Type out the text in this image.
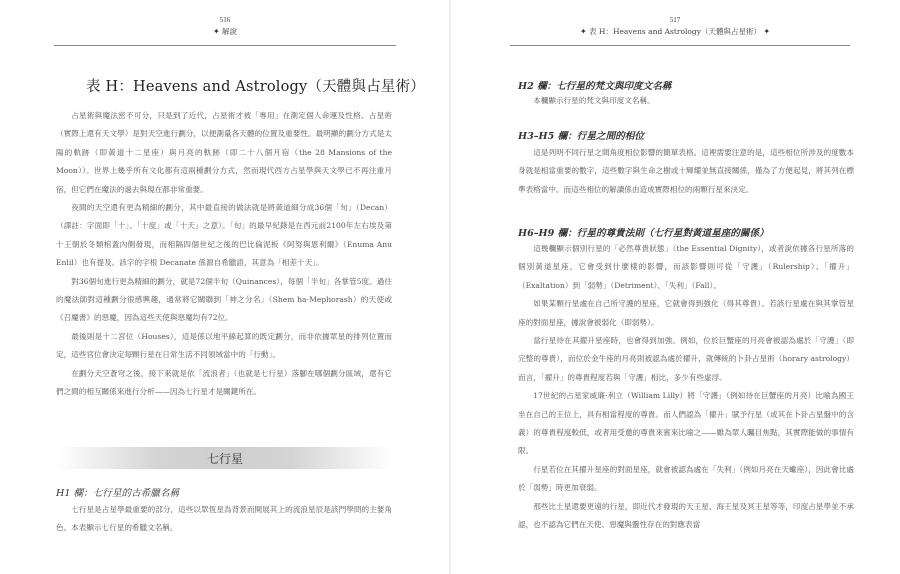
516
✦ 解說
表 H：Heavens and Astrology（天體與占星術）

占星術與魔法密不可分，只是到了近代，占星術才被「專用」在測定個人命運及性格。占星術（實際上還有天文學）是對天空進行劃分，以便測量各天體的位置及重要性。最明顯的劃分方式是太陽的軌跡（即黃道十二星座）與月亮的軌跡（即二十八個月宿（the 28 Mansions of the Moon））。世界上幾乎所有文化都有這兩種劃分方式，然而現代西方占星學與天文學已不再注重月宿，但它們在魔法的過去與現在都非常重要。

夜間的天空還有更為精細的劃分，其中最直接的做法就是將黃道細分成36個「旬」（Decan）（譯註：字面即「十」、「十度」或「十天」之意）。「旬」的最早紀錄是在西元前2100年左右埃及第十王朝於冬類棺蓋內側發現，而相隔四個世紀之後的巴比倫泥板《阿努與恩利爾》（Enuma Anu Enlil）也有提及。該字的字根 Decanate 係源自希臘語，其意為「相差十天」。

對36個旬進行更為精細的劃分，就是72個半旬（Quinances），每個「半旬」各掌管5度。過往的魔法師對這種劃分很感興趣，通常將它關聯到「神之分名」（Shem ha-Mephorash）的天使或《召魔書》的惡魔，因為這些天使與惡魔均有72位。

最後則是十二宮位（Houses），這是係以地平線起算的既定劃分，而非依據眾星的排列位置而定，這些宮位會決定每顆行星在日常生活不同領域當中的「行動」。

在劃分天空蒼穹之後，接下來就是依「流浪者」（也就是七行星）落腳在哪個劃分區域，還有它們之間的相互關係來進行分析——因為七行星才是關鍵所在。

七行星
H1 欄：七行星的古希臘名稱

七行星是占星學最重要的部分，這些以眾恆星為背景而開展其上的流浪星辰是該門學問的主要角色。本表顯示七行星的希臘文名稱。

517
✦ 表 H：Heavens and Astrology（天體與占星術） ✦
H2 欄：七行星的梵文與印度文名稱

本欄顯示行星的梵文與印度文名稱。

H3–H5 欄：行星之間的相位

這是列明不同行星之間角度相位影響的簡單表格。這裡需要注意的是，這些相位所涉及的度數本身就是相當重要的數字，這些數字與生命之樹或十輝耀並無直接關係，僅為了方便起見，將其列在標準表格當中。而這些相位的解讀係由造成實際相位的兩顆行星來決定。

H6–H9 欄：行星的尊貴法則（七行星對黃道星座的關係）

這幾欄顯示個別行星的「必然尊貴狀態」（the Essential Dignity），或者說依據各行星所落的個別黃道星座，它會受到什麼樣的影響，而該影響則可從「守護」（Rulership）、「擢升」（Exaltation）到「弱勢」（Detriment）、「失利」（Fall）。

如果某顆行星處在自己所守護的星座，它就會得到強化（得其尊貴）。若該行星處在與其掌管星座的對面星座，據說會被弱化（即弱勢）。

當行星待在其擢升星座時，也會得到加強。例如，位於巨蟹座的月亮會被認為處於「守護」（即完整的尊貴），而位於金牛座的月亮則被認為處於擢升，就傳統的卜卦占星術（horary astrology）而言，「擢升」的尊貴程度若與「守護」相比，多少有些虛浮。

17世紀的占星家威廉·利立（William Lilly）將「守護」（例如待在巨蟹座的月亮）比喻為國王坐在自己的王位上，具有相當程度的尊貴。而人們認為「擢升」賦予行星（或其在卜卦占星盤中的含義）的尊貴程度較低，或者用受邀的尊貴來賓來比喻之——雖為眾人矚目焦點，其實際能做的事情有限。

行星若位在其擢升星座的對面星座，就會被認為處在「失利」（例如月亮在天蠍座），因此會比處於「弱勢」時更加衰弱。

那些比土星還要更遠的行星，即近代才發現的天王星、海王星及冥王星等等，印度占星學並不承認，也不認為它們在天使、惡魔與靈性存在的對應表當
